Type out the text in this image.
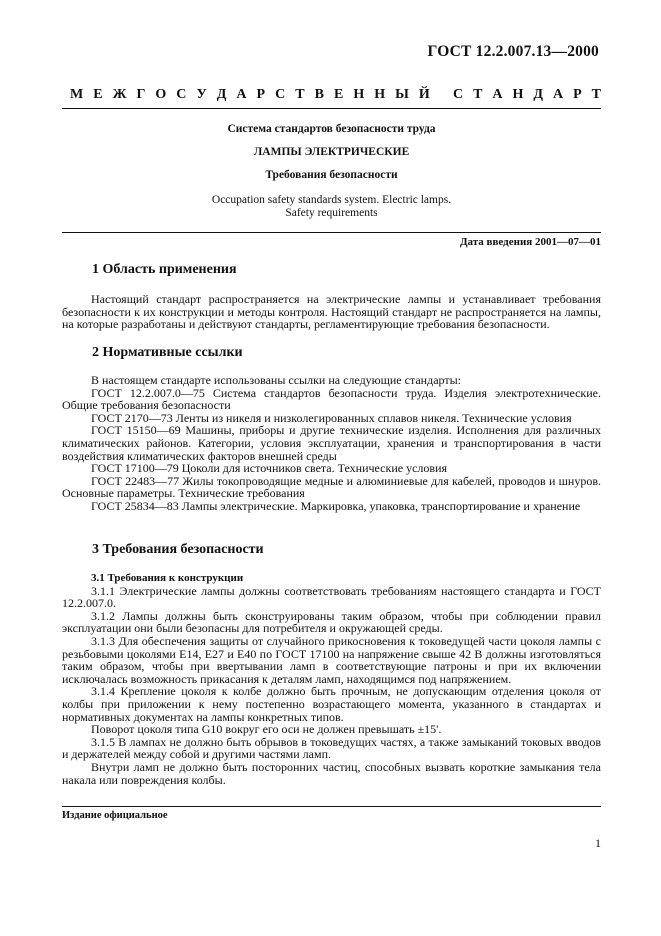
ГОСТ 12.2.007.13—2000
М Е Ж Г О С У Д А Р С Т В Е Н Н Ы Й С Т А Н Д А Р Т
Система стандартов безопасности труда
ЛАМПЫ ЭЛЕКТРИЧЕСКИЕ
Требования безопасности
Occupation safety standards system. Electric lamps.
Safety requirements
Дата введения 2001—07—01
1 Область применения

Настоящий стандарт распространяется на электрические лампы и устанавливает требования безопасности к их конструкции и методы контроля. Настоящий стандарт не распространяется на лампы, на которые разработаны и действуют стандарты, регламентирующие требования безопасности.

2 Нормативные ссылки

В настоящем стандарте использованы ссылки на следующие стандарты:

ГОСТ 12.2.007.0—75 Система стандартов безопасности труда. Изделия электротехнические. Общие требования безопасности

ГОСТ 2170—73 Ленты из никеля и низколегированных сплавов никеля. Технические условия

ГОСТ 15150—69 Машины, приборы и другие технические изделия. Исполнения для различных климатических районов. Категории, условия эксплуатации, хранения и транспортирования в части воздействия климатических факторов внешней среды

ГОСТ 17100—79 Цоколи для источников света. Технические условия

ГОСТ 22483—77 Жилы токопроводящие медные и алюминиевые для кабелей, проводов и шнуров. Основные параметры. Технические требования

ГОСТ 25834—83 Лампы электрические. Маркировка, упаковка, транспортирование и хранение

3 Требования безопасности

3.1 Требования к конструкции

3.1.1 Электрические лампы должны соответствовать требованиям настоящего стандарта и ГОСТ 12.2.007.0.

3.1.2 Лампы должны быть сконструированы таким образом, чтобы при соблюдении правил эксплуатации они были безопасны для потребителя и окружающей среды.

3.1.3 Для обеспечения защиты от случайного прикосновения к токоведущей части цоколя лампы с резьбовыми цоколями E14, E27 и E40 по ГОСТ 17100 на напряжение свыше 42 В должны изготовляться таким образом, чтобы при ввертывании ламп в соответствующие патроны и при их включении исключалась возможность прикасания к деталям ламп, находящимся под напряжением.

3.1.4 Крепление цоколя к колбе должно быть прочным, не допускающим отделения цоколя от колбы при приложении к нему постепенно возрастающего момента, указанного в стандартах и нормативных документах на лампы конкретных типов.

Поворот цоколя типа G10 вокруг его оси не должен превышать ±15'.

3.1.5 В лампах не должно быть обрывов в токоведущих частях, а также замыканий токовых вводов и держателей между собой и другими частями ламп.

Внутри ламп не должно быть посторонних частиц, способных вызвать короткие замыкания тела накала или повреждения колбы.

Издание официальное
1
